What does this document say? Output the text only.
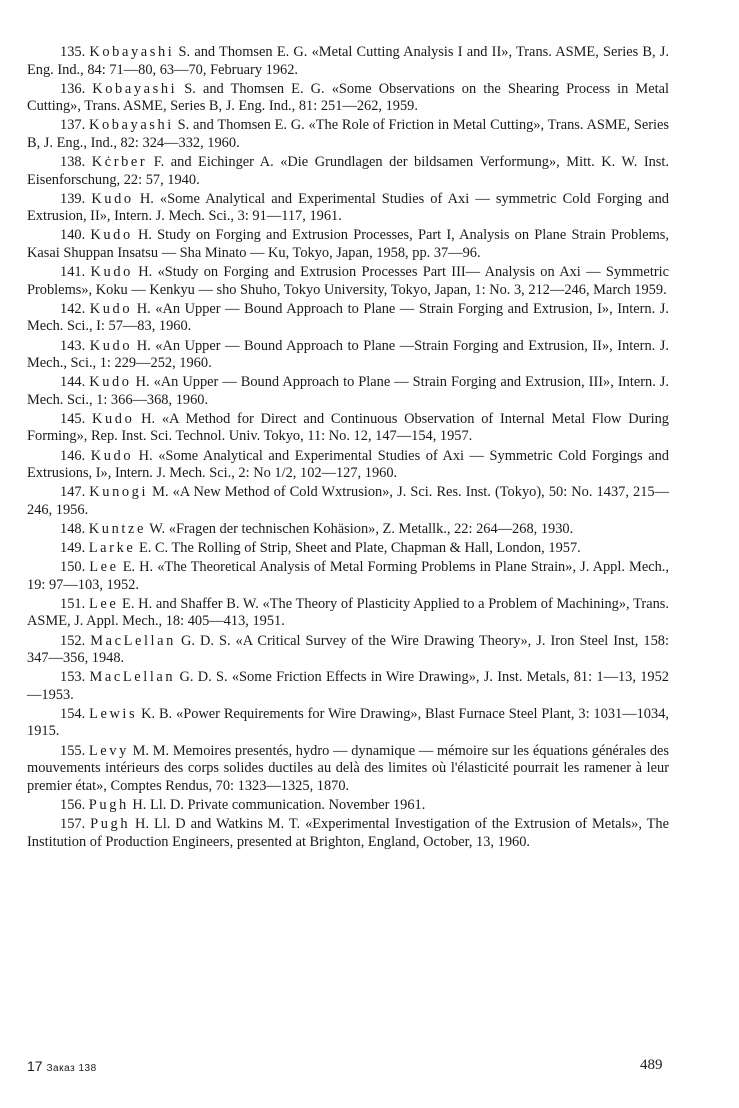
135. Kobayashi S. and Thomsen E. G. «Metal Cutting Analysis I and II», Trans. ASME, Series B, J. Eng. Ind., 84: 71—80, 63—70, February 1962.

136. Kobayashi S. and Thomsen E. G. «Some Observations on the Shearing Process in Metal Cutting», Trans. ASME, Series B, J. Eng. Ind., 81: 251—262, 1959.

137. Kobayashi S. and Thomsen E. G. «The Role of Friction in Metal Cutting», Trans. ASME, Series B, J. Eng., Ind., 82: 324—332, 1960.

138. Kċrber F. and Eichinger A. «Die Grundlagen der bildsamen Verformung», Mitt. K. W. Inst. Eisenforschung, 22: 57, 1940.

139. Kudo H. «Some Analytical and Experimental Studies of Axi — symmetric Cold Forging and Extrusion, II», Intern. J. Mech. Sci., 3: 91—117, 1961.

140. Kudo H. Study on Forging and Extrusion Processes, Part I, Analysis on Plane Strain Problems, Kasai Shuppan Insatsu — Sha Minato — Ku, Tokyo, Japan, 1958, pp. 37—96.

141. Kudo H. «Study on Forging and Extrusion Processes Part III— Analysis on Axi — Symmetric Problems», Koku — Kenkyu — sho Shuho, Tokyo University, Tokyo, Japan, 1: No. 3, 212—246, March 1959.

142. Kudo H. «An Upper — Bound Approach to Plane — Strain Forging and Extrusion, I», Intern. J. Mech. Sci., I: 57—83, 1960.

143. Kudo H. «An Upper — Bound Approach to Plane —Strain Forging and Extrusion, II», Intern. J. Mech., Sci., 1: 229—252, 1960.

144. Kudo H. «An Upper — Bound Approach to Plane — Strain Forging and Extrusion, III», Intern. J. Mech. Sci., 1: 366—368, 1960.

145. Kudo H. «A Method for Direct and Continuous Observation of Internal Metal Flow During Forming», Rep. Inst. Sci. Technol. Univ. Tokyo, 11: No. 12, 147—154, 1957.

146. Kudo H. «Some Analytical and Experimental Studies of Axi — Symmetric Cold Forgings and Extrusions, I», Intern. J. Mech. Sci., 2: No 1/2, 102—127, 1960.

147. Kunogi M. «A New Method of Cold Wxtrusion», J. Sci. Res. Inst. (Tokyo), 50: No. 1437, 215—246, 1956.

148. Kuntze W. «Fragen der technischen Kohäsion», Z. Metallk., 22: 264—268, 1930.

149. Larke E. C. The Rolling of Strip, Sheet and Plate, Chapman & Hall, London, 1957.

150. Lee E. H. «The Theoretical Analysis of Metal Forming Problems in Plane Strain», J. Appl. Mech., 19: 97—103, 1952.

151. Lee E. H. and Shaffer B. W. «The Theory of Plasticity Applied to a Problem of Machining», Trans. ASME, J. Appl. Mech., 18: 405—413, 1951.

152. MacLellan G. D. S. «A Critical Survey of the Wire Drawing Theory», J. Iron Steel Inst, 158: 347—356, 1948.

153. MacLellan G. D. S. «Some Friction Effects in Wire Drawing», J. Inst. Metals, 81: 1—13, 1952—1953.

154. Lewis K. B. «Power Requirements for Wire Drawing», Blast Furnace Steel Plant, 3: 1031—1034, 1915.

155. Levy M. M. Memoires presentés, hydro — dynamique — mémoire sur les équations générales des mouvements intérieurs des corps solides ductiles au delà des limites où l'élasticité pourrait les ramener à leur premier état», Comptes Rendus, 70: 1323—1325, 1870.

156. Pugh H. Ll. D. Private communication. November 1961.

157. Pugh H. Ll. D and Watkins M. T. «Experimental Investigation of the Extrusion of Metals», The Institution of Production Engineers, presented at Brighton, England, October, 13, 1960.

17 Заказ 138	489
